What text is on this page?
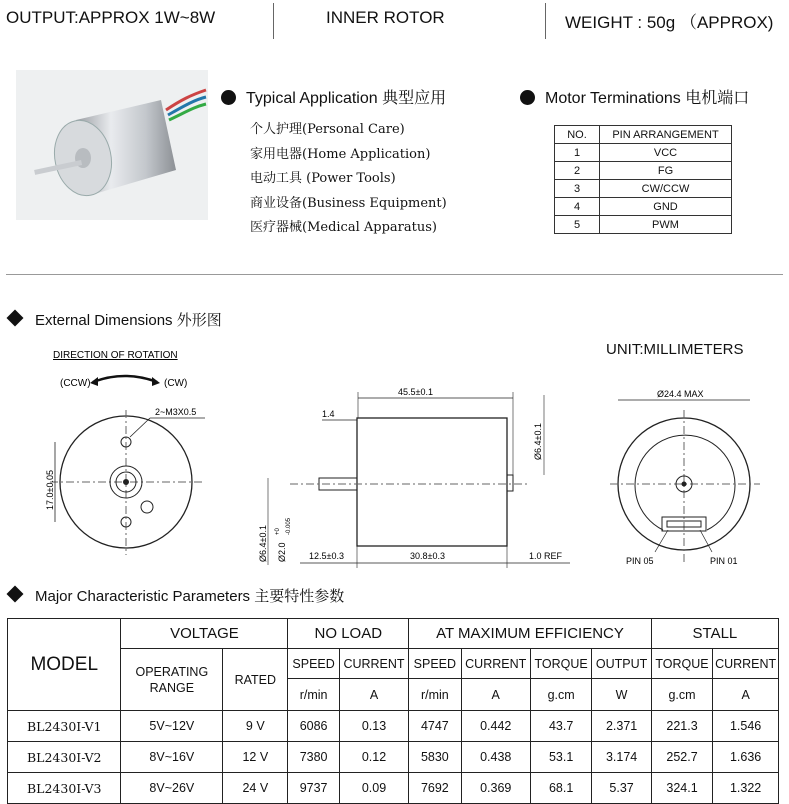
OUTPUT:APPROX 1W~8W	INNER ROTOR	WEIGHT : 50g （APPROX)
Typical Application 典型应用
个人护理(Personal Care)
家用电器(Home Application)
电动工具 (Power Tools)
商业设备(Business Equipment)
医疗器械(Medical Apparatus)
Motor Terminations 电机端口
NO.	PIN ARRANGEMENT
1	VCC
2	FG
3	CW/CCW
4	GND
5	PWM
External Dimensions 外形图
UNIT:MILLIMETERS
DIRECTION OF ROTATION
(CCW)	(CW)
2~M3X0.5
17.0±0.05
45.5±0.1
1.4
Ø6.4±0.1
Ø6.4±0.1 Ø2.0
+0 -0.005
12.5±0.3	30.8±0.3	1.0 REF
Ø24.4 MAX
PIN 05	PIN 01
Major Characteristic Parameters 主要特性参数
MODEL	VOLTAGE		NO LOAD		AT MAXIMUM EFFICIENCY				STALL	
	OPERATING RANGE	RATED	SPEED	CURRENT	SPEED	CURRENT	TORQUE	OUTPUT	TORQUE	CURRENT
			r/min	A	r/min	A	g.cm	W	g.cm	A
BL2430I-V1	5V~12V	9 V	6086	0.13	4747	0.442	43.7	2.371	221.3	1.546
BL2430I-V2	8V~16V	12 V	7380	0.12	5830	0.438	53.1	3.174	252.7	1.636
BL2430I-V3	8V~26V	24 V	9737	0.09	7692	0.369	68.1	5.37	324.1	1.322
